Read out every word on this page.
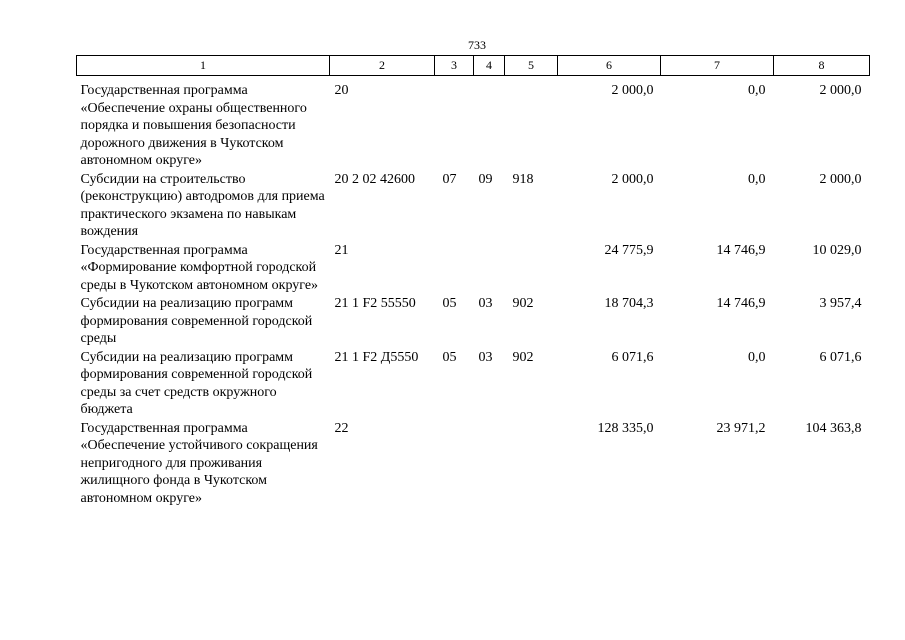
733
1	2	3	4	5	6	7	8
Государственная программа «Обеспечение охраны общественного порядка и повышения безопасности дорожного движения в Чукотском автономном округе»	20				2 000,0	0,0	2 000,0
Субсидии на строительство (реконструкцию) автодромов для приема практического экзамена по навыкам вождения	20 2 02 42600	07	09	918	2 000,0	0,0	2 000,0
Государственная программа «Формирование комфортной городской среды в Чукотском автономном округе»	21				24 775,9	14 746,9	10 029,0
Субсидии на реализацию программ формирования современной городской среды	21 1 F2 55550	05	03	902	18 704,3	14 746,9	3 957,4
Субсидии на реализацию программ формирования современной городской среды за счет средств окружного бюджета	21 1 F2 Д5550	05	03	902	6 071,6	0,0	6 071,6
Государственная программа «Обеспечение устойчивого сокращения непригодного для проживания жилищного фонда в Чукотском автономном округе»	22				128 335,0	23 971,2	104 363,8
